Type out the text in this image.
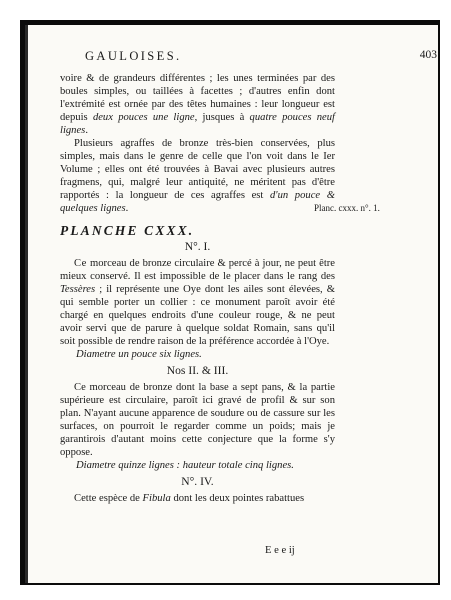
GAULOISES.	403

voire & de grandeurs différentes ; les unes terminées par des boules simples, ou taillées à facettes ; d'autres enfin dont l'extrémité est ornée par des têtes humaines : leur longueur est depuis deux pouces une ligne, jusques à quatre pouces neuf lignes.

Plusieurs agraffes de bronze très-bien conservées, plus simples, mais dans le genre de celle que l'on voit dans le Ier Volume ; elles ont été trouvées à Bavai avec plusieurs autres fragmens, qui, malgré leur antiquité, ne méritent pas d'être rapportés : la longueur de ces agraffes est d'un pouce & quelques lignes.

PLANCHE CXXX.

N°. I.

Ce morceau de bronze circulaire & percé à jour, ne peut être mieux conservé. Il est impossible de le placer dans le rang des Tessères ; il représente une Oye dont les ailes sont élevées, & qui semble porter un collier : ce monument paroît avoir été chargé en quelques endroits d'une couleur rouge, & ne peut avoir servi que de parure à quelque soldat Romain, sans qu'il soit possible de rendre raison de la préférence accordée à l'Oye.

Diametre un pouce six lignes.

Nos II. & III.

Ce morceau de bronze dont la base a sept pans, & la partie supérieure est circulaire, paroît ici gravé de profil & sur son plan. N'ayant aucune apparence de soudure ou de cassure sur les surfaces, on pourroit le regarder comme un poids; mais je garantirois d'autant moins cette conjecture que la forme s'y oppose.

Diametre quinze lignes : hauteur totale cinq lignes.

N°. IV.

Cette espèce de Fibula dont les deux pointes rabattues

Planc. cxxx. n°. 1.
E e e ij
